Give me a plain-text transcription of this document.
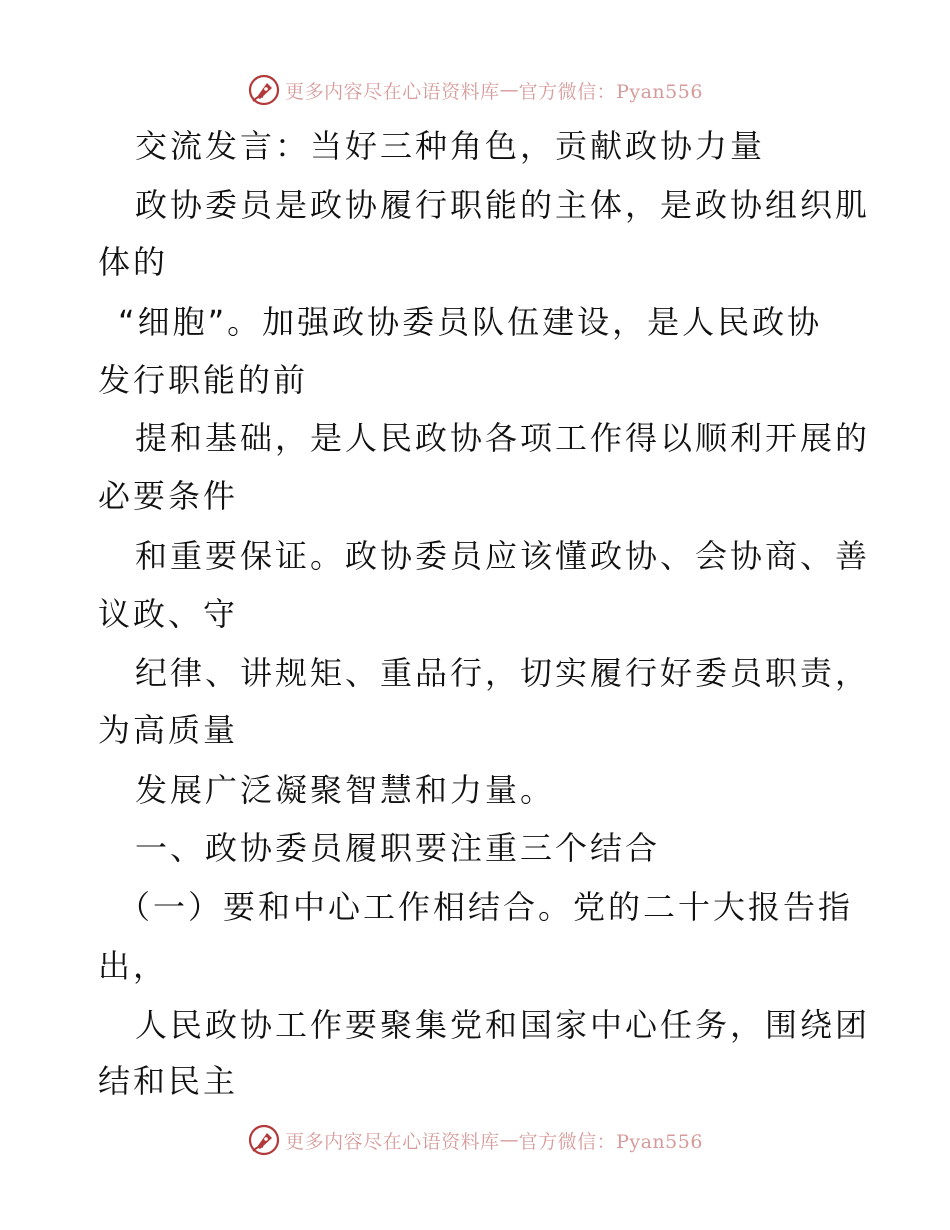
更多内容尽在心语资料库 — 官方微信：Pyan556
交流发言：当好三种角色，贡献政协力量
政协委员是政协履行职能的主体，是政协组织肌
体的
“细胞”。加强政协委员队伍建设，是人民政协
发行职能的前
提和基础，是人民政协各项工作得以顺利开展的
必要条件
和重要保证。政协委员应该懂政协、会协商、善
议政、守
纪律、讲规矩、重品行，切实履行好委员职责，
为高质量
发展广泛凝聚智慧和力量。
一、政协委员履职要注重三个结合
（一）要和中心工作相结合。党的二十大报告指
出，
人民政协工作要聚集党和国家中心任务，围绕团
结和民主
更多内容尽在心语资料库 — 官方微信：Pyan556
